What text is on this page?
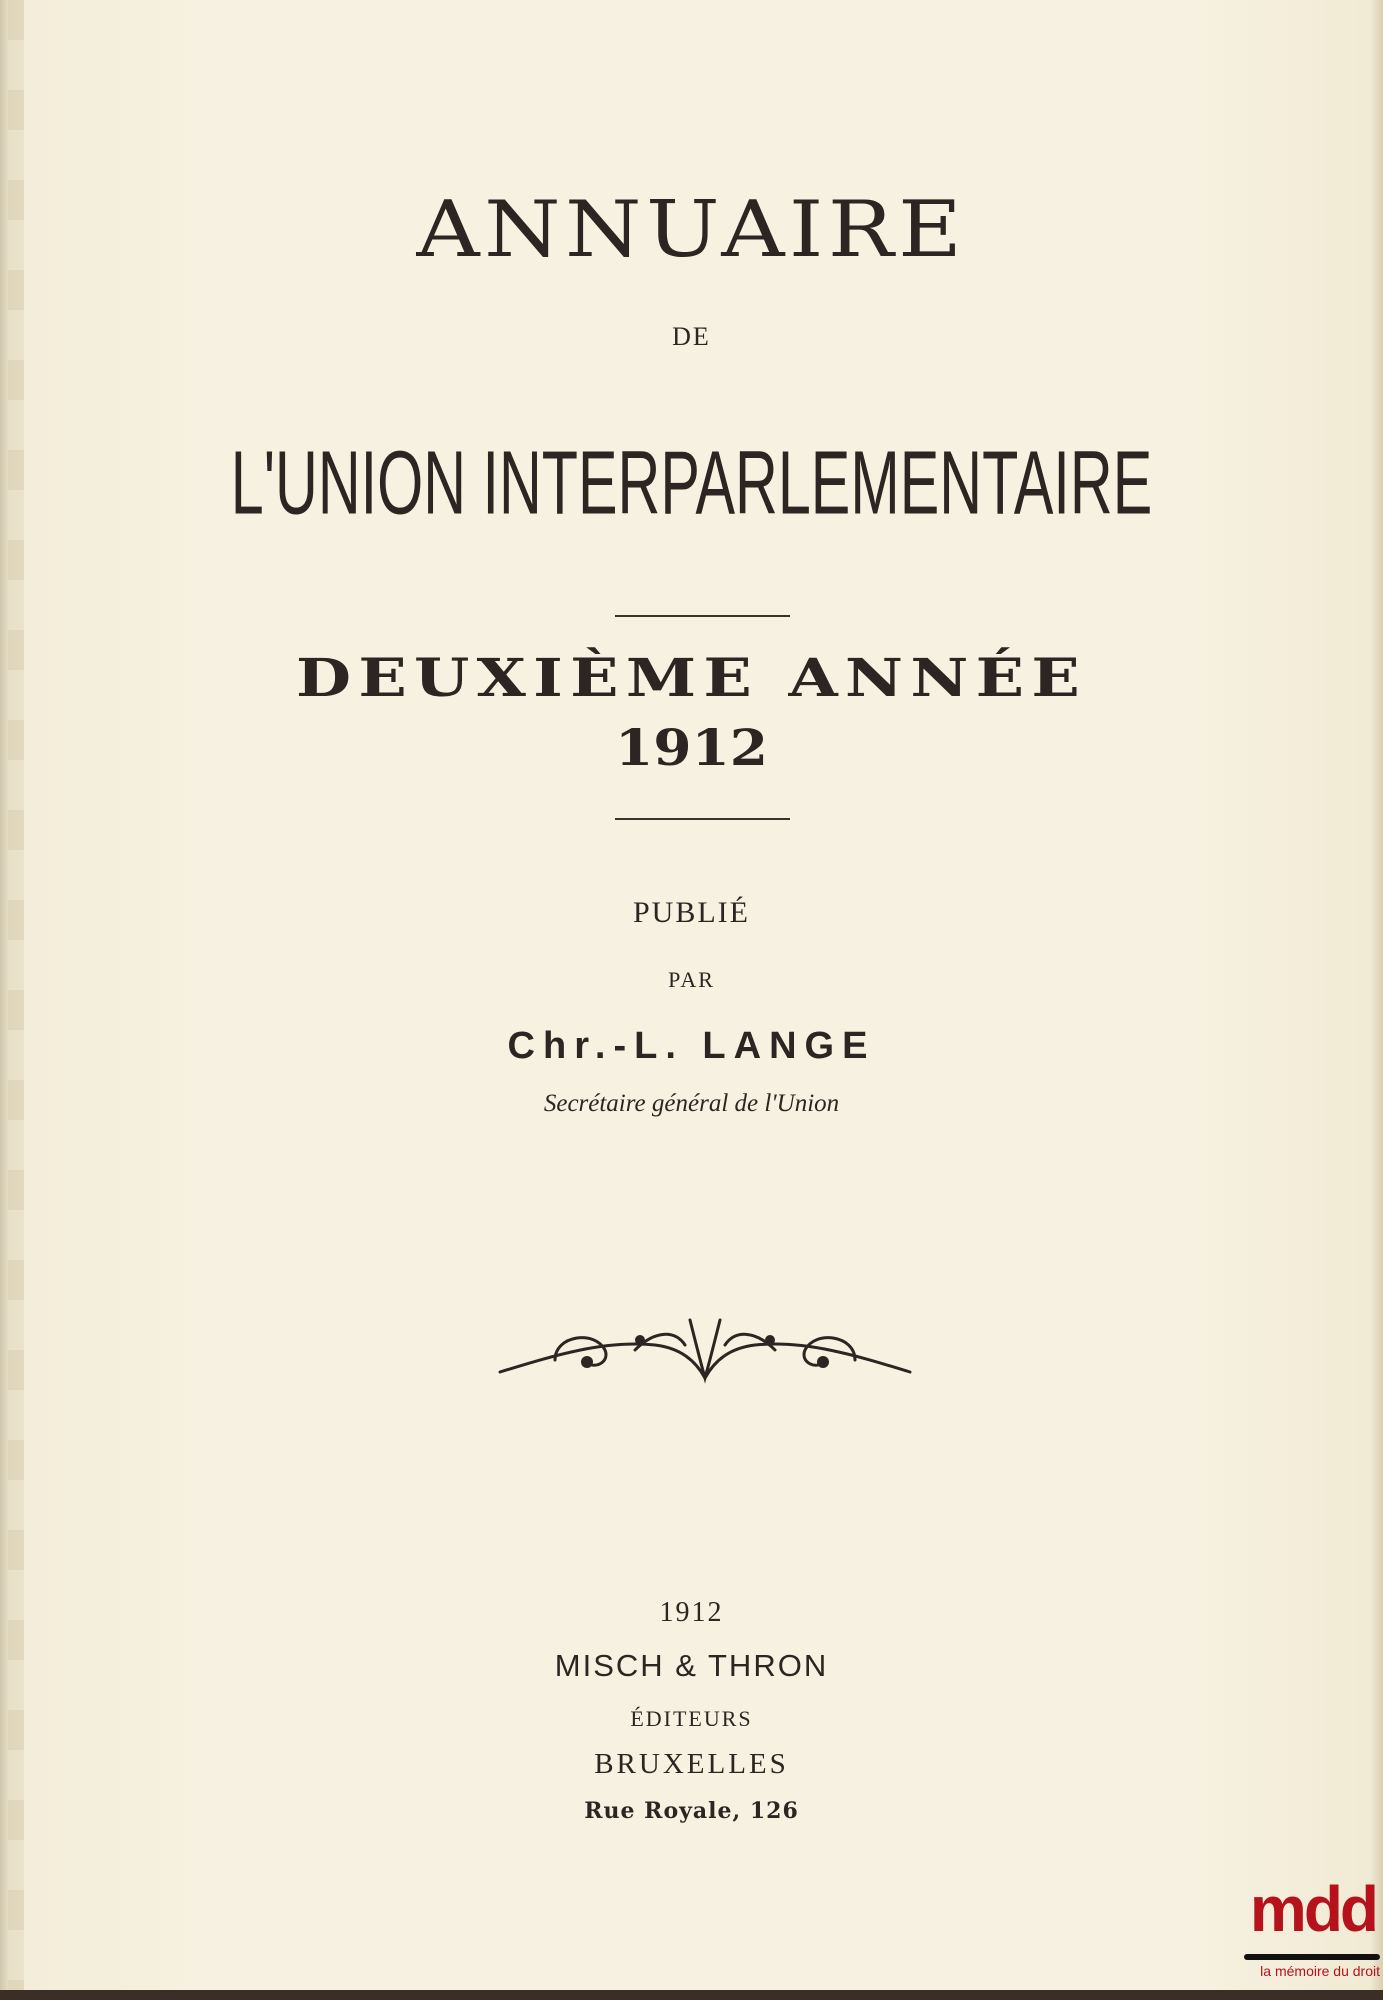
ANNUAIRE
DE
L'UNION INTERPARLEMENTAIRE
DEUXIÈME ANNÉE
1912
PUBLIÉ
PAR
Chr.-L. LANGE
Secrétaire général de l'Union
1912
MISCH & THRON
ÉDITEURS
BRUXELLES
Rue Royale, 126
mdd
la mémoire du droit
